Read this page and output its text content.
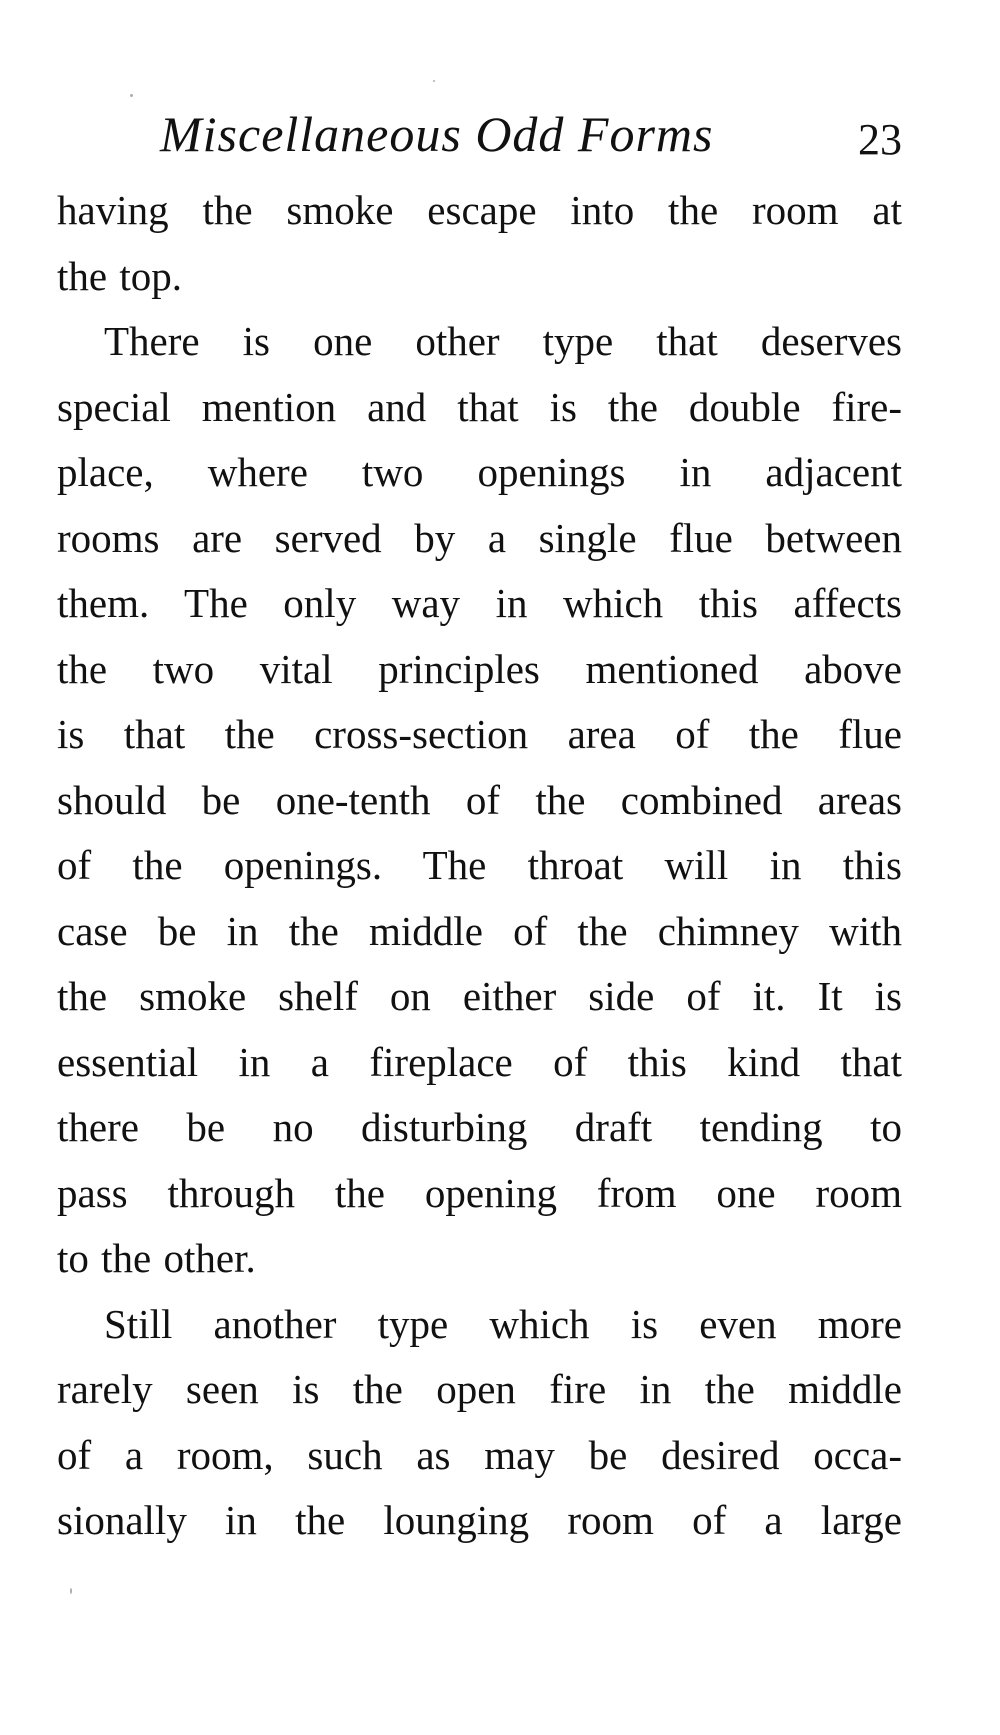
Miscellaneous Odd Forms	23
having the smoke escape into the room at
the top.
There is one other type that deserves
special mention and that is the double fire-
place, where two openings in adjacent
rooms are served by a single flue between
them. The only way in which this affects
the two vital principles mentioned above
is that the cross-section area of the flue
should be one-tenth of the combined areas
of the openings. The throat will in this
case be in the middle of the chimney with
the smoke shelf on either side of it. It is
essential in a fireplace of this kind that
there be no disturbing draft tending to
pass through the opening from one room
to the other.
Still another type which is even more
rarely seen is the open fire in the middle
of a room, such as may be desired occa-
sionally in the lounging room of a large
